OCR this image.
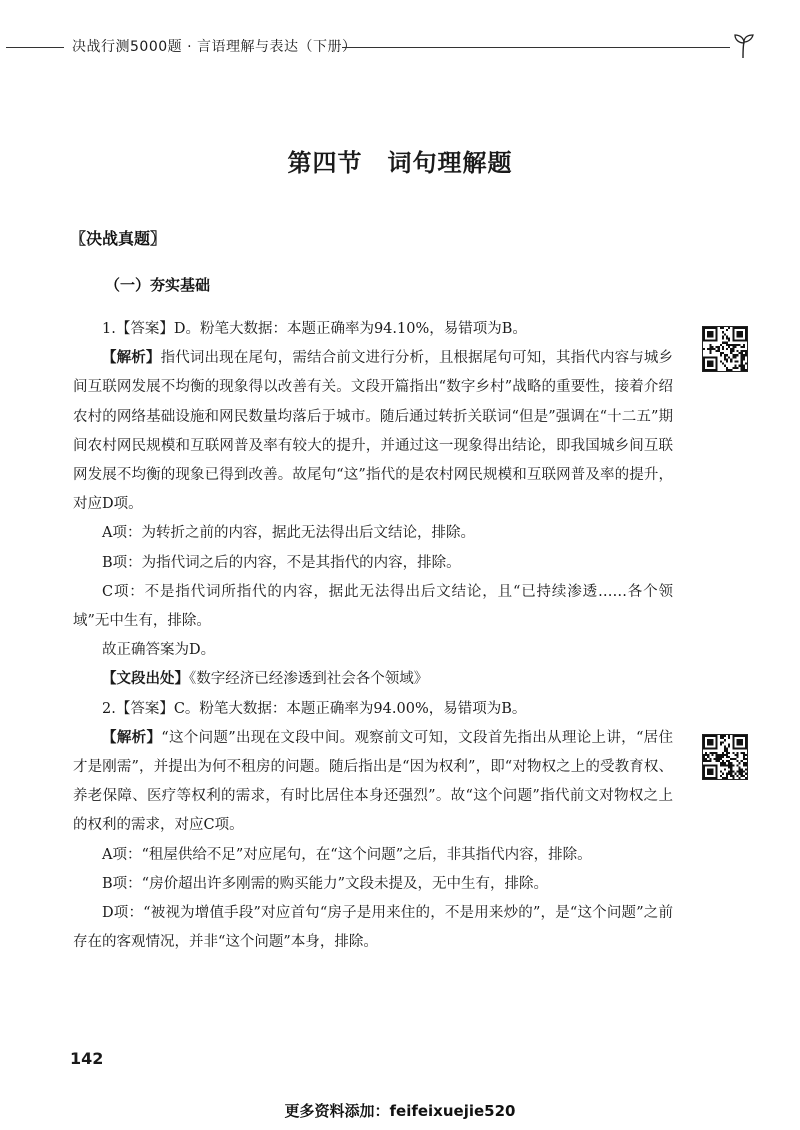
决战行测5000题 · 言语理解与表达（下册）
第四节　词句理解题
〖决战真题〗
（一）夯实基础

1.【答案】D。粉笔大数据：本题正确率为94.10%，易错项为B。

【解析】指代词出现在尾句，需结合前文进行分析，且根据尾句可知，其指代内容与城乡间互联网发展不均衡的现象得以改善有关。文段开篇指出“数字乡村”战略的重要性，接着介绍农村的网络基础设施和网民数量均落后于城市。随后通过转折关联词“但是”强调在“十二五”期间农村网民规模和互联网普及率有较大的提升，并通过这一现象得出结论，即我国城乡间互联网发展不均衡的现象已得到改善。故尾句“这”指代的是农村网民规模和互联网普及率的提升，对应D项。

A项：为转折之前的内容，据此无法得出后文结论，排除。

B项：为指代词之后的内容，不是其指代的内容，排除。

C项：不是指代词所指代的内容，据此无法得出后文结论，且“已持续渗透……各个领域”无中生有，排除。

故正确答案为D。

【文段出处】《数字经济已经渗透到社会各个领域》

2.【答案】C。粉笔大数据：本题正确率为94.00%，易错项为B。

【解析】“这个问题”出现在文段中间。观察前文可知，文段首先指出从理论上讲，“居住才是刚需”，并提出为何不租房的问题。随后指出是“因为权利”，即“对物权之上的受教育权、养老保障、医疗等权利的需求，有时比居住本身还强烈”。故“这个问题”指代前文对物权之上的权利的需求，对应C项。

A项：“租屋供给不足”对应尾句，在“这个问题”之后，非其指代内容，排除。

B项：“房价超出许多刚需的购买能力”文段未提及，无中生有，排除。

D项：“被视为增值手段”对应首句“房子是用来住的，不是用来炒的”，是“这个问题”之前存在的客观情况，并非“这个问题”本身，排除。

142
更多资料添加：feifeixuejie520
